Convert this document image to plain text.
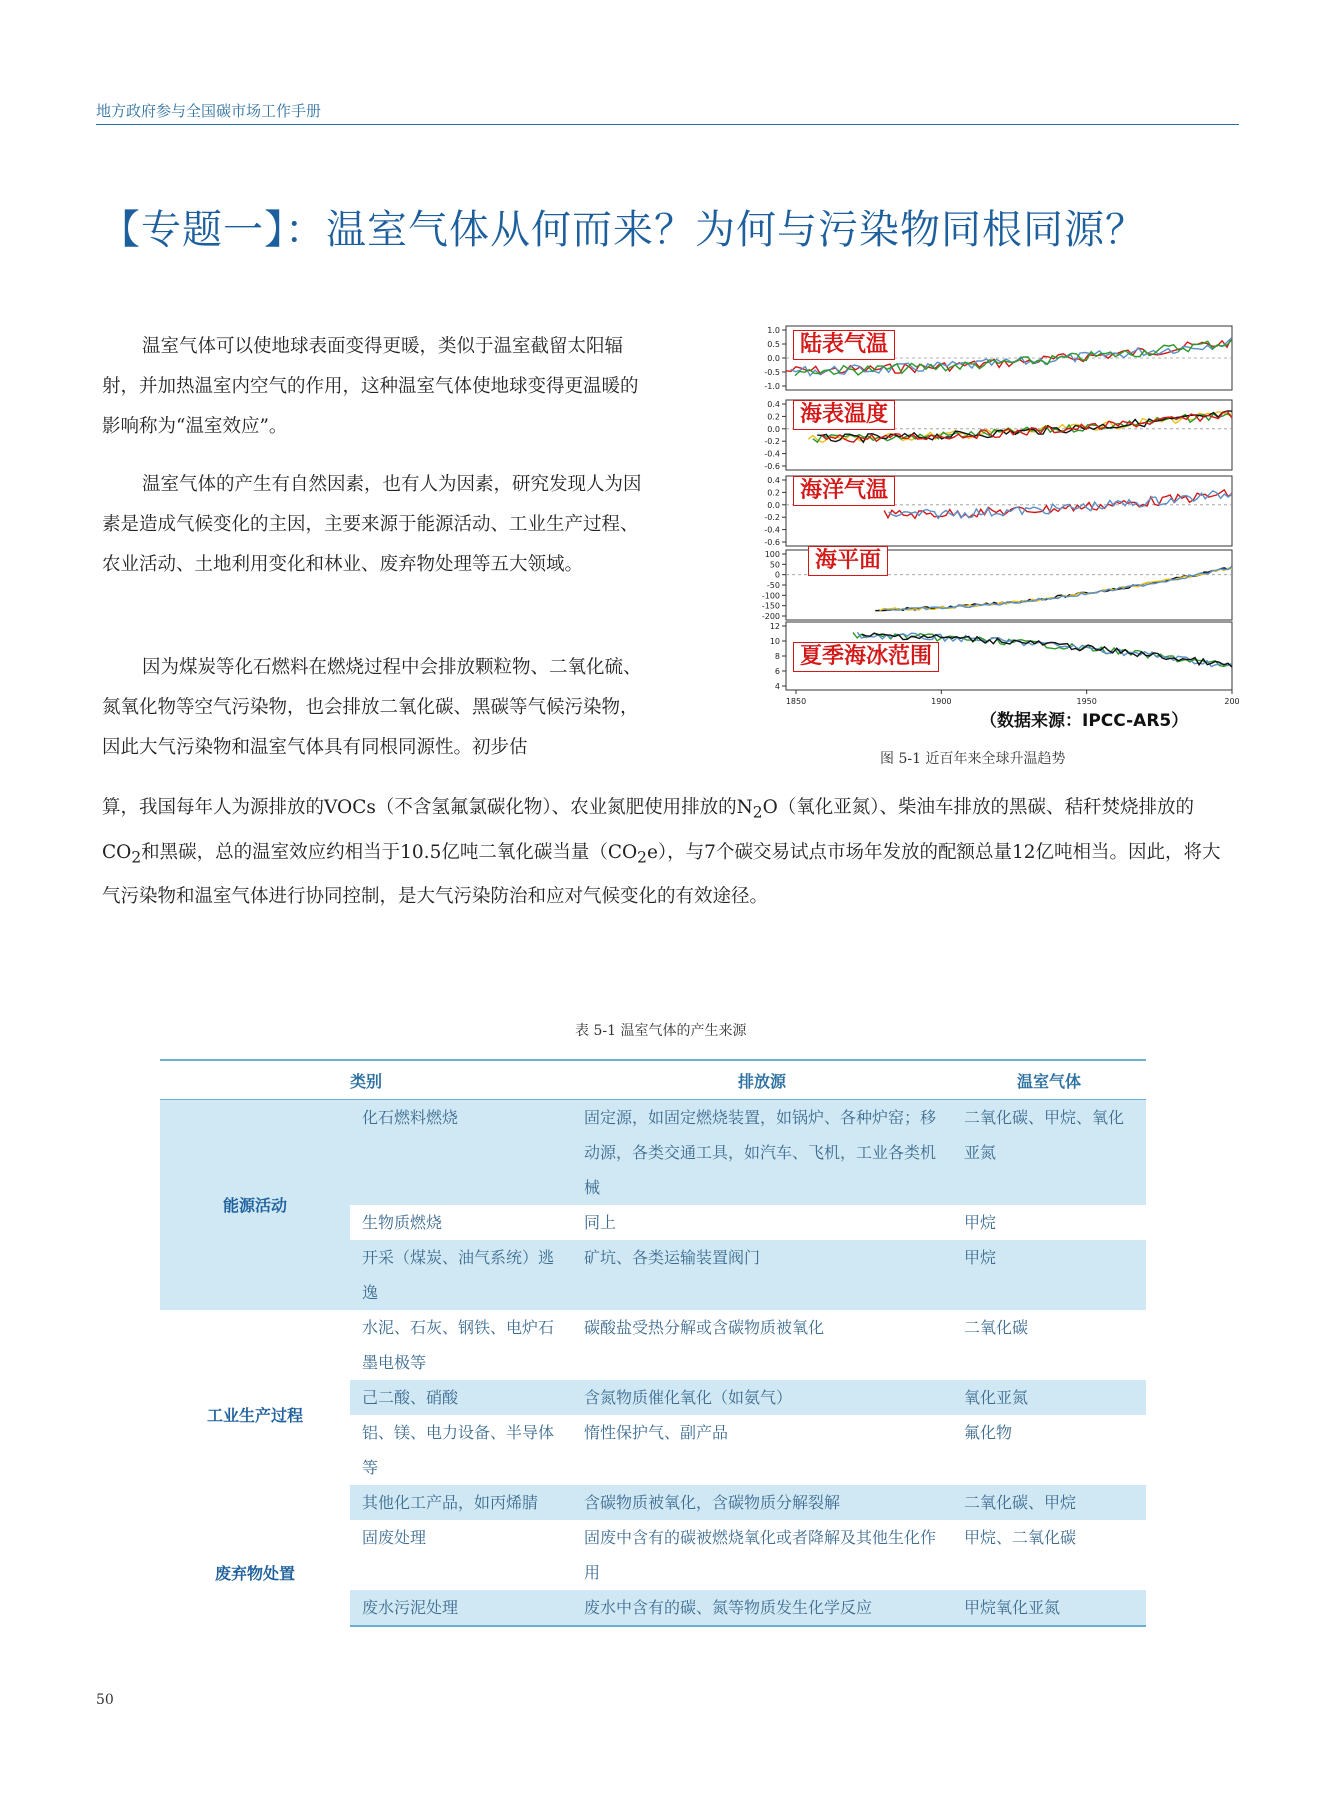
地方政府参与全国碳市场工作手册
【专题一】：温室气体从何而来？为何与污染物同根同源？

温室气体可以使地球表面变得更暖，类似于温室截留太阳辐射，并加热温室内空气的作用，这种温室气体使地球变得更温暖的影响称为“温室效应”。

温室气体的产生有自然因素，也有人为因素，研究发现人为因素是造成气候变化的主因，主要来源于能源活动、工业生产过程、农业活动、土地利用变化和林业、废弃物处理等五大领域。

因为煤炭等化石燃料在燃烧过程中会排放颗粒物、二氧化硫、氮氧化物等空气污染物，也会排放二氧化碳、黑碳等气候污染物，因此大气污染物和温室气体具有同根同源性。初步估

算，我国每年人为源排放的VOCs（不含氢氟氯碳化物）、农业氮肥使用排放的$N_2O$（氧化亚氮）、柴油车排放的黑碳、秸秆焚烧排放的$CO_2$和黑碳，总的温室效应约相当于10.5亿吨二氧化碳当量$(CO_2e)$，与7个碳交易试点市场年发放的配额总量12亿吨相当。因此，将大气污染物和温室气体进行协同控制，是大气污染防治和应对气候变化的有效途径。

1.0
0.5
0.0
-0.5
-1.0
0.4
0.2
0.0
-0.2
-0.4
-0.6
0.4
0.2
0.0
-0.2
-0.4
-0.6
100
50
0
-50
-100
-150
-200
12
10
8
6
4
1850	1900	1950	200
陆表气温
海表温度
海洋气温
海平面
夏季海冰范围
（数据来源：IPCC-AR5）
图 5-1 近百年来全球升温趋势
表 5-1 温室气体的产生来源
类别		排放源	温室气体
能源活动	化石燃料燃烧	固定源，如固定燃烧装置，如锅炉、各种炉窑；移动源，各类交通工具，如汽车、飞机，工业各类机械	二氧化碳、甲烷、氧化亚氮
	生物质燃烧	同上	甲烷
	开采（煤炭、油气系统）逃逸	矿坑、各类运输装置阀门	甲烷
工业生产过程	水泥、石灰、钢铁、电炉石墨电极等	碳酸盐受热分解或含碳物质被氧化	二氧化碳
	己二酸、硝酸	含氮物质催化氧化（如氨气）	氧化亚氮
	铝、镁、电力设备、半导体等	惰性保护气、副产品	氟化物
	其他化工产品，如丙烯腈	含碳物质被氧化，含碳物质分解裂解	二氧化碳、甲烷
废弃物处置	固废处理	固废中含有的碳被燃烧氧化或者降解及其他生化作用	甲烷、二氧化碳
	废水污泥处理	废水中含有的碳、氮等物质发生化学反应	甲烷氧化亚氮
50
